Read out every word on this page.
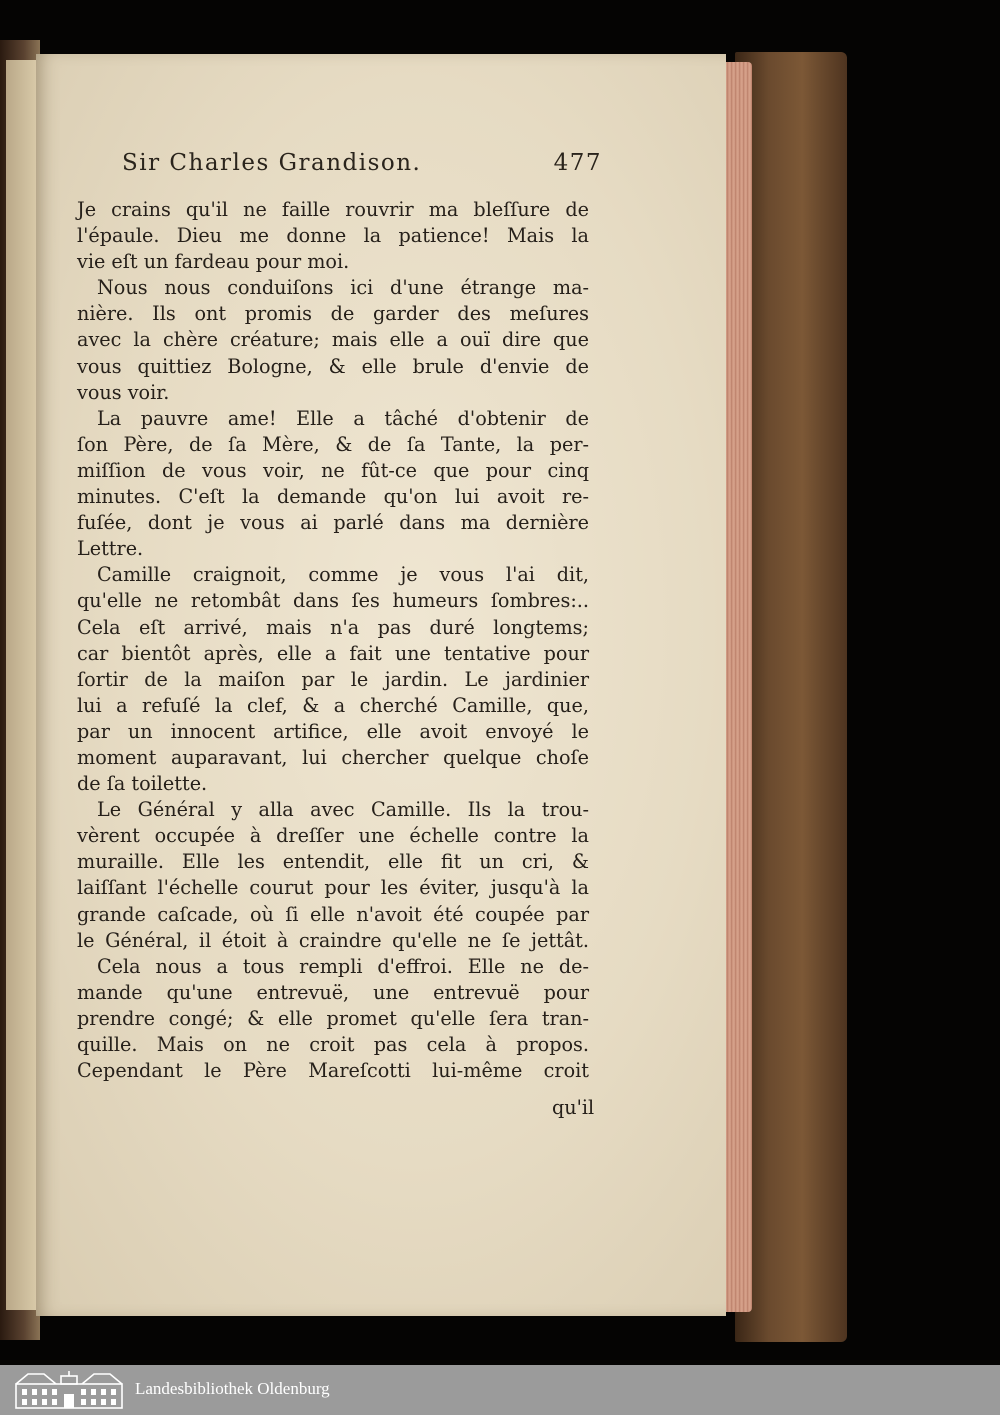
Sir Charles Grandison.	477
Je crains qu'il ne faille rouvrir ma bleſſure de
l'épaule. Dieu me donne la patience! Mais la
vie eſt un fardeau pour moi.
Nous nous conduiſons ici d'une étrange ma-
nière. Ils ont promis de garder des meſures
avec la chère créature; mais elle a ouï dire que
vous quittiez Bologne, & elle brule d'envie de
vous voir.
La pauvre ame! Elle a tâché d'obtenir de
ſon Père, de ſa Mère, & de ſa Tante, la per-
miſſion de vous voir, ne fût-ce que pour cinq
minutes. C'eſt la demande qu'on lui avoit re-
fuſée, dont je vous ai parlé dans ma dernière
Lettre.
Camille craignoit, comme je vous l'ai dit,
qu'elle ne retombât dans ſes humeurs ſombres:..
Cela eſt arrivé, mais n'a pas duré longtems;
car bientôt après, elle a fait une tentative pour
ſortir de la maiſon par le jardin. Le jardinier
lui a refuſé la clef, & a cherché Camille, que,
par un innocent artifice, elle avoit envoyé le
moment auparavant, lui chercher quelque choſe
de ſa toilette.
Le Général y alla avec Camille. Ils la trou-
vèrent occupée à dreſſer une échelle contre la
muraille. Elle les entendit, elle fit un cri, &
laiſſant l'échelle courut pour les éviter, jusqu'à la
grande caſcade, où ſi elle n'avoit été coupée par
le Général, il étoit à craindre qu'elle ne ſe jettât.
Cela nous a tous rempli d'effroi. Elle ne de-
mande qu'une entrevuë, une entrevuë pour
prendre congé; & elle promet qu'elle ſera tran-
quille. Mais on ne croit pas cela à propos.
Cependant le Père Mareſcotti lui-même croit
qu'il
Landesbibliothek Oldenburg
